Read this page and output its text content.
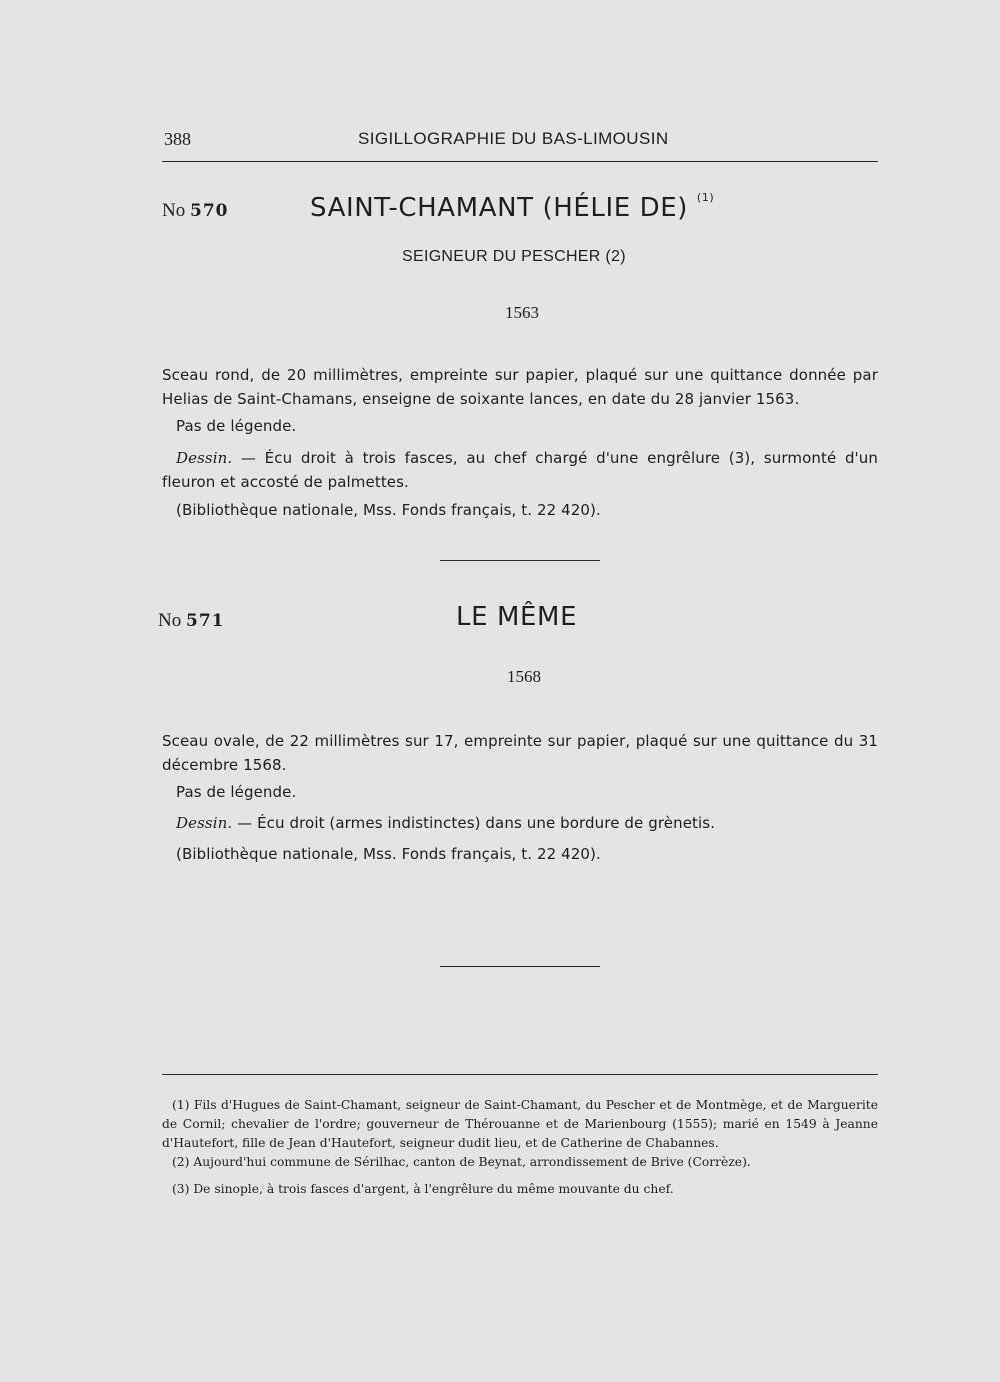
388	SIGILLOGRAPHIE DU BAS-LIMOUSIN
No 570	SAINT-CHAMANT (HÉLIE DE) $^{(1)}$
SEIGNEUR DU PESCHER (2)
1563
Sceau rond, de 20 millimètres, empreinte sur papier, plaqué sur une quittance donnée par Helias de Saint-Chamans, enseigne de soixante lances, en date du 28 janvier 1563.
Pas de légende.
Dessin. — Écu droit à trois fasces, au chef chargé d'une engrêlure (3), surmonté d'un fleuron et accosté de palmettes.
(Bibliothèque nationale, Mss. Fonds français, t. 22 420).
No 571	LE MÊME
1568
Sceau ovale, de 22 millimètres sur 17, empreinte sur papier, plaqué sur une quittance du 31 décembre 1568.
Pas de légende.
Dessin. — Écu droit (armes indistinctes) dans une bordure de grènetis.
(Bibliothèque nationale, Mss. Fonds français, t. 22 420).
(1) Fils d'Hugues de Saint-Chamant, seigneur de Saint-Chamant, du Pescher et de Montmège, et de Marguerite de Cornil; chevalier de l'ordre; gouverneur de Thérouanne et de Marienbourg (1555); marié en 1549 à Jeanne d'Hautefort, fille de Jean d'Hautefort, seigneur dudit lieu, et de Catherine de Chabannes.
(2) Aujourd'hui commune de Sérilhac, canton de Beynat, arrondissement de Brive (Corrèze).
(3) De sinople, à trois fasces d'argent, à l'engrêlure du même mouvante du chef.
